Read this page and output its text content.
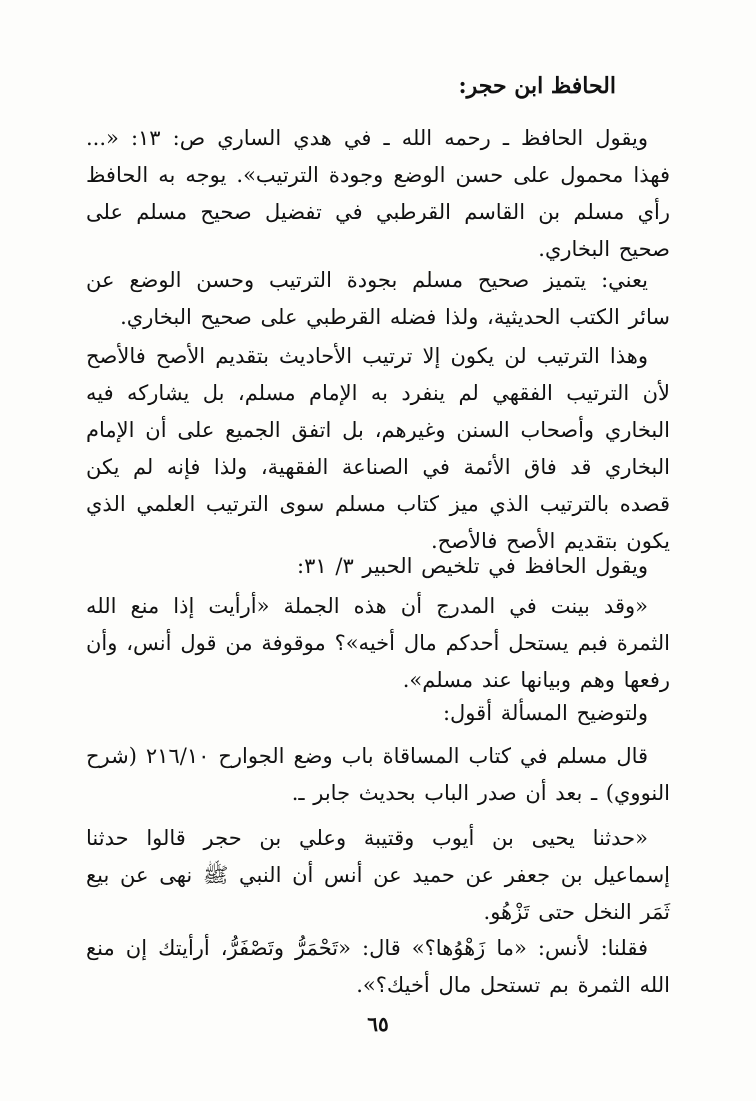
الحافظ ابن حجر:
ويقول الحافظ ـ رحمه الله ـ في هدي الساري ص: ١٣: «... فهذا محمول على حسن الوضع وجودة الترتيب». يوجه به الحافظ رأي مسلم بن القاسم القرطبي في تفضيل صحيح مسلم على صحيح البخاري.
يعني: يتميز صحيح مسلم بجودة الترتيب وحسن الوضع عن سائر الكتب الحديثية، ولذا فضله القرطبي على صحيح البخاري.
وهذا الترتيب لن يكون إلا ترتيب الأحاديث بتقديم الأصح فالأصح لأن الترتيب الفقهي لم ينفرد به الإمام مسلم، بل يشاركه فيه البخاري وأصحاب السنن وغيرهم، بل اتفق الجميع على أن الإمام البخاري قد فاق الأئمة في الصناعة الفقهية، ولذا فإنه لم يكن قصده بالترتيب الذي ميز كتاب مسلم سوى الترتيب العلمي الذي يكون بتقديم الأصح فالأصح.
ويقول الحافظ في تلخيص الحبير ٣/ ٣١:
«وقد بينت في المدرج أن هذه الجملة «أرأيت إذا منع الله الثمرة فبم يستحل أحدكم مال أخيه»؟ موقوفة من قول أنس، وأن رفعها وهم وبيانها عند مسلم».
ولتوضيح المسألة أقول:
قال مسلم في كتاب المساقاة باب وضع الجوارح ٢١٦/١٠ (شرح النووي) ـ بعد أن صدر الباب بحديث جابر ـ.
«حدثنا يحيى بن أيوب وقتيبة وعلي بن حجر قالوا حدثنا إسماعيل بن جعفر عن حميد عن أنس أن النبي ﷺ نهى عن بيع ثَمَر النخل حتى تَزْهُو.
فقلنا: لأنس: «ما زَهْوُها؟» قال: «تَحْمَرُّ وتَصْفَرُّ، أرأيتك إن منع الله الثمرة بم تستحل مال أخيك؟».
٦٥
